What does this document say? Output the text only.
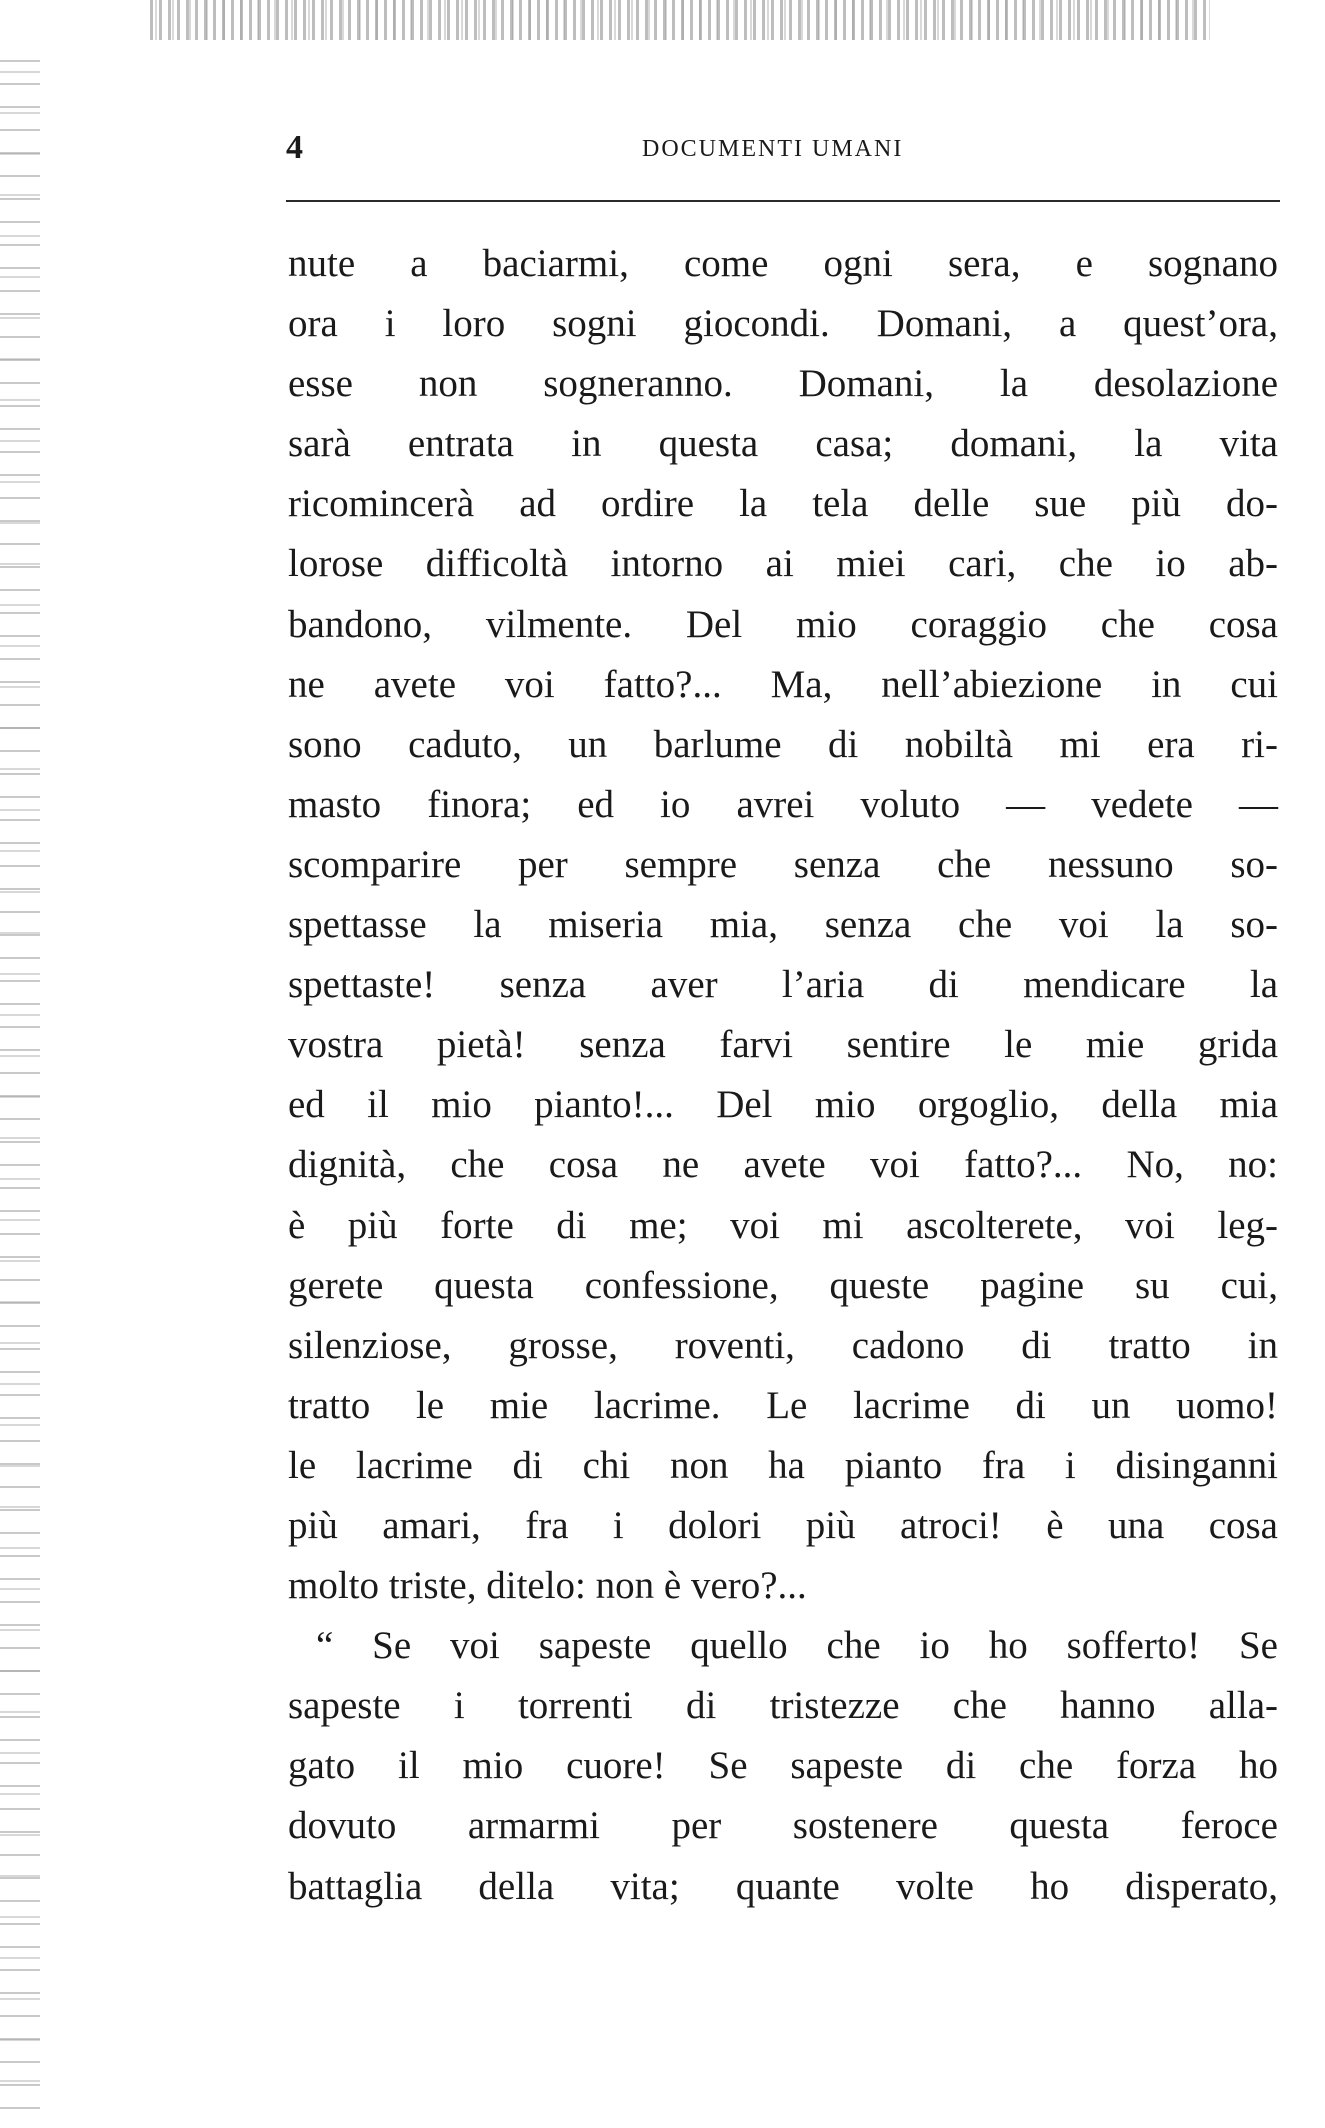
4	DOCUMENTI UMANI
nute a baciarmi, come ogni sera, e sognano
ora i loro sogni giocondi. Domani, a quest’ora,
esse non sogneranno. Domani, la desolazione
sarà entrata in questa casa; domani, la vita
ricomincerà ad ordire la tela delle sue più do-
lorose difficoltà intorno ai miei cari, che io ab-
bandono, vilmente. Del mio coraggio che cosa
ne avete voi fatto?... Ma, nell’abiezione in cui
sono caduto, un barlume di nobiltà mi era ri-
masto finora; ed io avrei voluto — vedete —
scomparire per sempre senza che nessuno so-
spettasse la miseria mia, senza che voi la so-
spettaste! senza aver l’aria di mendicare la
vostra pietà! senza farvi sentire le mie grida
ed il mio pianto!... Del mio orgoglio, della mia
dignità, che cosa ne avete voi fatto?... No, no:
è più forte di me; voi mi ascolterete, voi leg-
gerete questa confessione, queste pagine su cui,
silenziose, grosse, roventi, cadono di tratto in
tratto le mie lacrime. Le lacrime di un uomo!
le lacrime di chi non ha pianto fra i disinganni
più amari, fra i dolori più atroci! è una cosa
molto triste, ditelo: non è vero?...
“ Se voi sapeste quello che io ho sofferto! Se
sapeste i torrenti di tristezze che hanno alla-
gato il mio cuore! Se sapeste di che forza ho
dovuto armarmi per sostenere questa feroce
battaglia della vita; quante volte ho disperato,
